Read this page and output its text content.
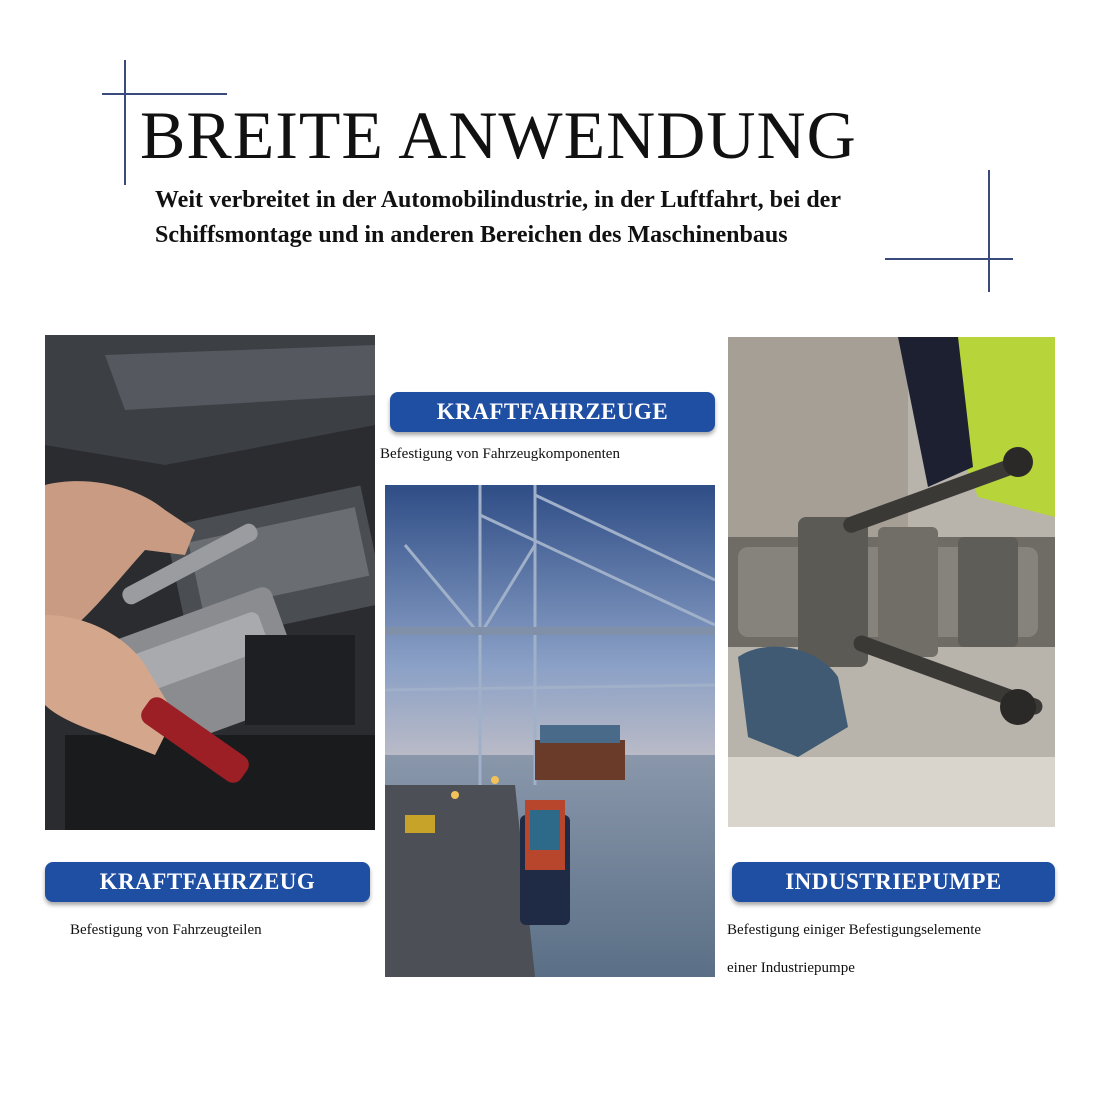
BREITE ANWENDUNG
Weit verbreitet in der Automobilindustrie, in der Luftfahrt, bei der Schiffsmontage und in anderen Bereichen des Maschinenbaus
KRAFTFAHRZEUGE
Befestigung von Fahrzeugkomponenten
KRAFTFAHRZEUG
Befestigung von Fahrzeugteilen
INDUSTRIEPUMPE
Befestigung einiger Befestigungselemente
einer Industriepumpe
